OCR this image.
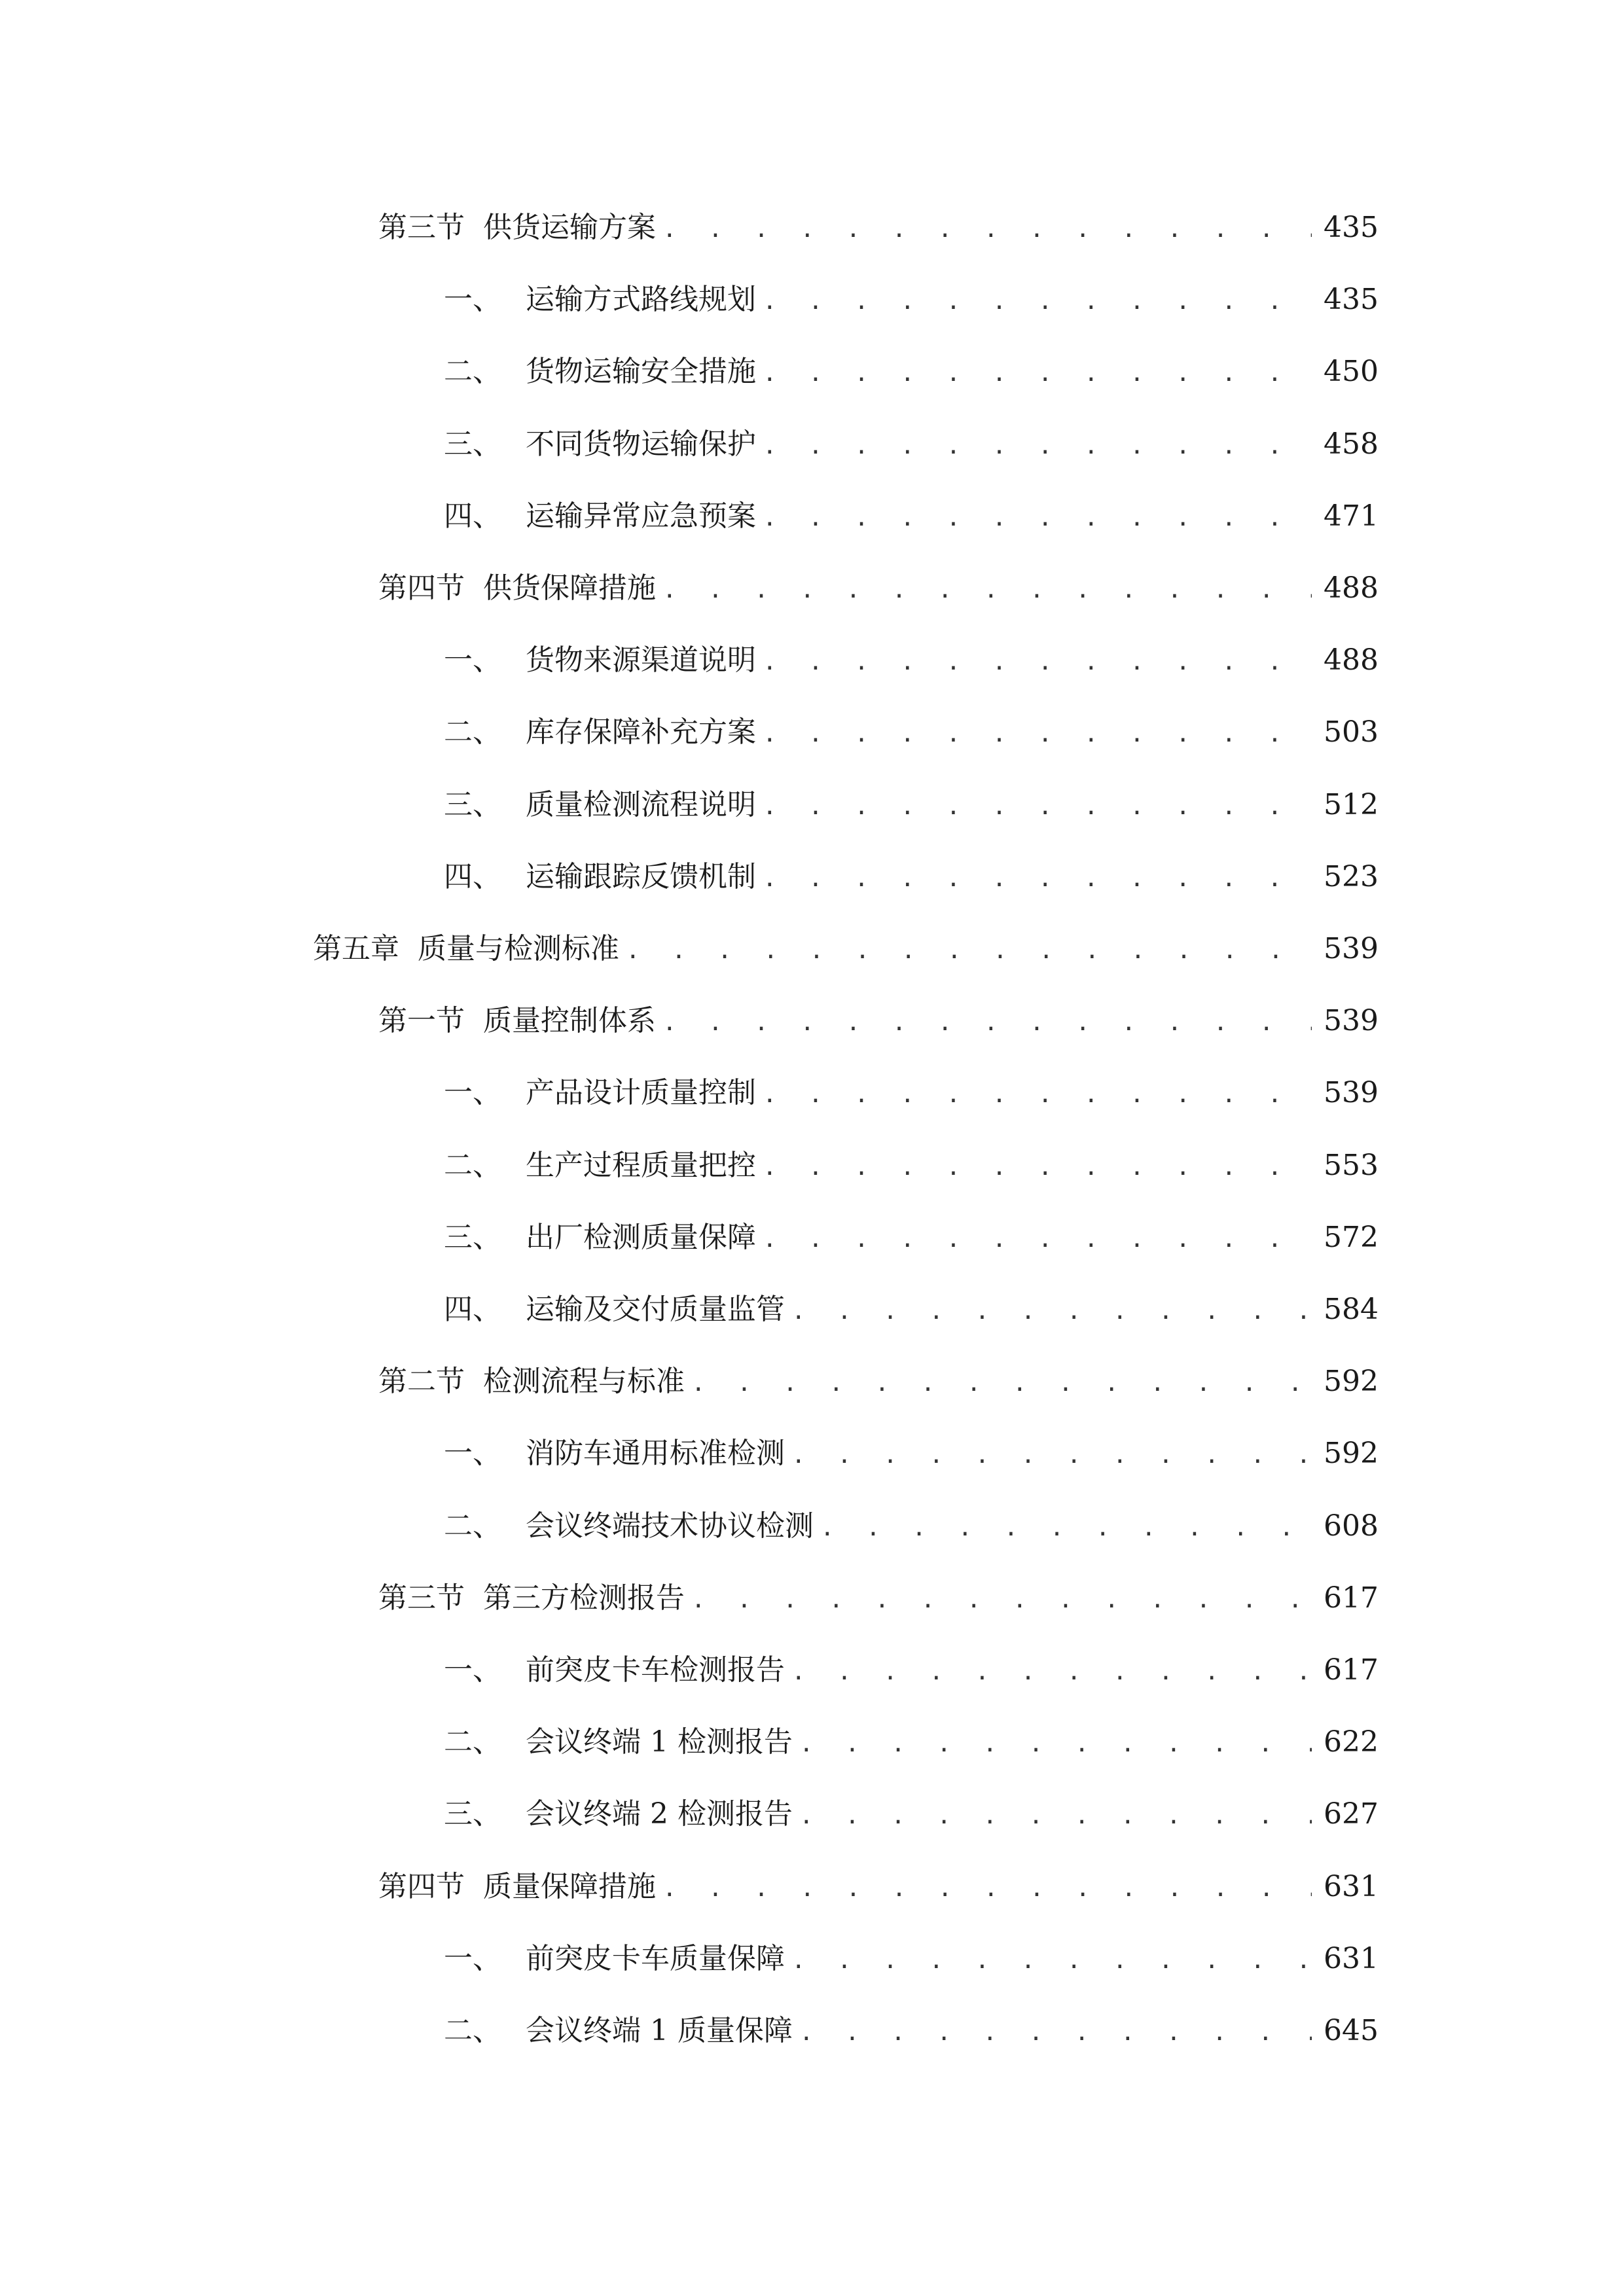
第三节 供货运输方案 . . .	435
一、 运输方式路线规划 . . .	435
二、 货物运输安全措施 . . .	450
三、 不同货物运输保护 . . .	458
四、 运输异常应急预案 . . .	471
第四节 供货保障措施 . . .	488
一、 货物来源渠道说明 . . .	488
二、 库存保障补充方案 . . .	503
三、 质量检测流程说明 . . .	512
四、 运输跟踪反馈机制 . . .	523
第五章 质量与检测标准 . . .	539
第一节 质量控制体系 . . .	539
一、 产品设计质量控制 . . .	539
二、 生产过程质量把控 . . .	553
三、 出厂检测质量保障 . . .	572
四、 运输及交付质量监管 . . .	584
第二节 检测流程与标准 . . .	592
一、 消防车通用标准检测 . . .	592
二、 会议终端技术协议检测 . . .	608
第三节 第三方检测报告 . . .	617
一、 前突皮卡车检测报告 . . .	617
二、 会议终端 1 检测报告 . . .	622
三、 会议终端 2 检测报告 . . .	627
第四节 质量保障措施 . . .	631
一、 前突皮卡车质量保障 . . .	631
二、 会议终端 1 质量保障 . . .	645
